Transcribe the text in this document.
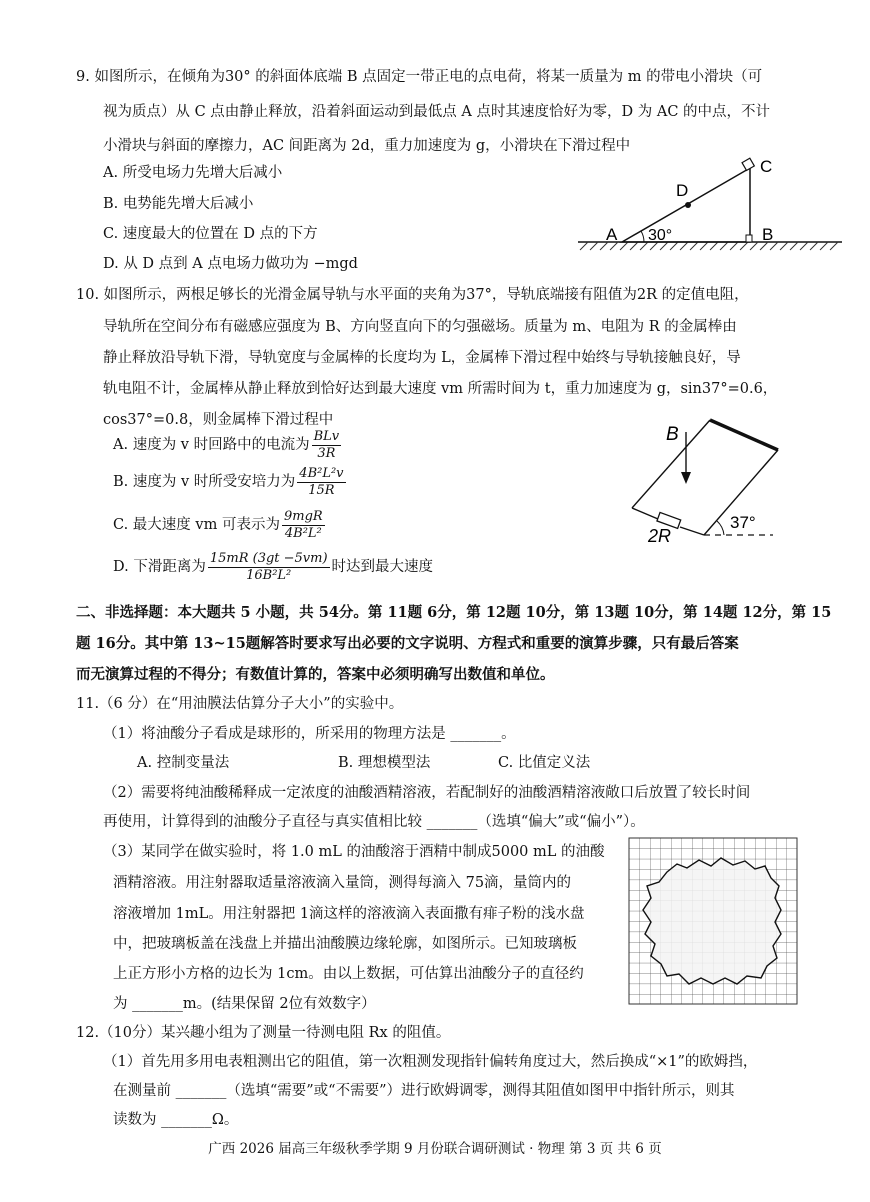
9. 如图所示，在倾角为30° 的斜面体底端 B 点固定一带正电的点电荷，将某一质量为 m 的带电小滑块（可
视为质点）从 C 点由静止释放，沿着斜面运动到最低点 A 点时其速度恰好为零，D 为 AC 的中点，不计
小滑块与斜面的摩擦力，AC 间距离为 2d，重力加速度为 g，小滑块在下滑过程中
A. 所受电场力先增大后减小
B. 电势能先增大后减小
C. 速度最大的位置在 D 点的下方
D. 从 D 点到 A 点电场力做功为 −mgd
C
D
A	B
30°
10. 如图所示，两根足够长的光滑金属导轨与水平面的夹角为37°，导轨底端接有阻值为2R 的定值电阻，
导轨所在空间分布有磁感应强度为 B、方向竖直向下的匀强磁场。质量为 m、电阻为 R 的金属棒由
静止释放沿导轨下滑，导轨宽度与金属棒的长度均为 L，金属棒下滑过程中始终与导轨接触良好，导
轨电阻不计，金属棒从静止释放到恰好达到最大速度 vm 所需时间为 t，重力加速度为 g，sin37°=0.6，
cos37°=0.8，则金属棒下滑过程中
A. 速度为 v 时回路中的电流为 $\frac{\text{BLv}}{3R}$
B. 速度为 v 时所受安培力为 $\frac{\text{4B²L²v}}{15R}$
C. 最大速度 vm 可表示为 $\frac{\text{9mgR}}{\text{4B²L²}}$
D. 下滑距离为 $\frac{15mR (3gt -5vm)}{\text{16B²L²}}$ 时达到最大速度
B
2R
37°
二、非选择题：本大题共 5 小题，共 54分。第 11题 6分，第 12题 10分，第 13题 10分，第 14题 12分，第 15
题 16分。其中第 13~15题解答时要求写出必要的文字说明、方程式和重要的演算步骤，只有最后答案
而无演算过程的不得分；有数值计算的，答案中必须明确写出数值和单位。
11.（6 分）在“用油膜法估算分子大小”的实验中。
（1）将油酸分子看成是球形的，所采用的物理方法是 _______。
A. 控制变量法	B. 理想模型法	C. 比值定义法
（2）需要将纯油酸稀释成一定浓度的油酸酒精溶液，若配制好的油酸酒精溶液敞口后放置了较长时间
再使用，计算得到的油酸分子直径与真实值相比较 _______（选填“偏大”或“偏小”）。
（3）某同学在做实验时，将 1.0 mL 的油酸溶于酒精中制成5000 mL 的油酸
酒精溶液。用注射器取适量溶液滴入量筒，测得每滴入 75滴，量筒内的
溶液增加 1mL。用注射器把 1滴这样的溶液滴入表面撒有痱子粉的浅水盘
中，把玻璃板盖在浅盘上并描出油酸膜边缘轮廓，如图所示。已知玻璃板
上正方形小方格的边长为 1cm。由以上数据，可估算出油酸分子的直径约
为 _______m。(结果保留 2位有效数字）
12.（10分）某兴趣小组为了测量一待测电阻 Rx 的阻值。
（1）首先用多用电表粗测出它的阻值，第一次粗测发现指针偏转角度过大，然后换成“×1”的欧姆挡，
在测量前 _______（选填“需要”或“不需要”）进行欧姆调零，测得其阻值如图甲中指针所示，则其
读数为 _______Ω。
广西 2026 届高三年级秋季学期 9 月份联合调研测试 · 物理 第 3 页 共 6 页
